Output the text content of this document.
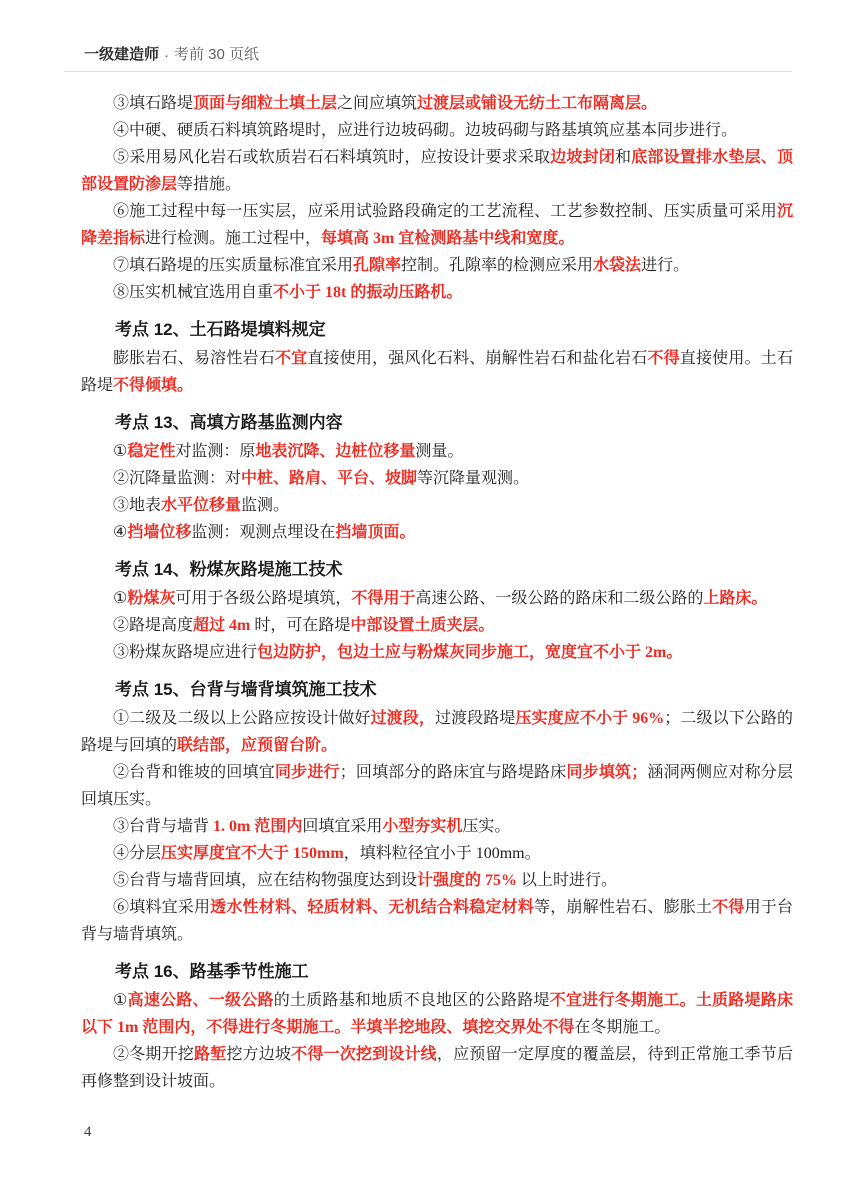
一级建造师 · 考前 30 页纸

③填石路堤顶面与细粒土填土层之间应填筑过渡层或铺设无纺土工布隔离层。

④中硬、硬质石料填筑路堤时，应进行边坡码砌。边坡码砌与路基填筑应基本同步进行。

⑤采用易风化岩石或软质岩石石料填筑时，应按设计要求采取边坡封闭和底部设置排水垫层、顶部设置防渗层等措施。

⑥施工过程中每一压实层，应采用试验路段确定的工艺流程、工艺参数控制、压实质量可采用沉降差指标进行检测。施工过程中，每填高 3m 宜检测路基中线和宽度。

⑦填石路堤的压实质量标准宜采用孔隙率控制。孔隙率的检测应采用水袋法进行。

⑧压实机械宜选用自重不小于 18t 的振动压路机。

考点 12、土石路堤填料规定

膨胀岩石、易溶性岩石不宜直接使用，强风化石料、崩解性岩石和盐化岩石不得直接使用。土石路堤不得倾填。

考点 13、高填方路基监测内容

①稳定性对监测：原地表沉降、边桩位移量测量。

②沉降量监测：对中桩、路肩、平台、坡脚等沉降量观测。

③地表水平位移量监测。

④挡墙位移监测：观测点埋设在挡墙顶面。

考点 14、粉煤灰路堤施工技术

①粉煤灰可用于各级公路堤填筑，不得用于高速公路、一级公路的路床和二级公路的上路床。

②路堤高度超过 4m 时，可在路堤中部设置土质夹层。

③粉煤灰路堤应进行包边防护，包边土应与粉煤灰同步施工，宽度宜不小于 2m。

考点 15、台背与墙背填筑施工技术

①二级及二级以上公路应按设计做好过渡段，过渡段路堤压实度应不小于 96%；二级以下公路的路堤与回填的联结部，应预留台阶。

②台背和锥坡的回填宜同步进行；回填部分的路床宜与路堤路床同步填筑；涵洞两侧应对称分层回填压实。

③台背与墙背 1. 0m 范围内回填宜采用小型夯实机压实。

④分层压实厚度宜不大于 150mm，填料粒径宜小于 100mm。

⑤台背与墙背回填，应在结构物强度达到设计强度的 75% 以上时进行。

⑥填料宜采用透水性材料、轻质材料、无机结合料稳定材料等，崩解性岩石、膨胀土不得用于台背与墙背填筑。

考点 16、路基季节性施工

①高速公路、一级公路的土质路基和地质不良地区的公路路堤不宜进行冬期施工。土质路堤路床以下 1m 范围内，不得进行冬期施工。半填半挖地段、填挖交界处不得在冬期施工。

②冬期开挖路堑挖方边坡不得一次挖到设计线，应预留一定厚度的覆盖层，待到正常施工季节后再修整到设计坡面。

4
